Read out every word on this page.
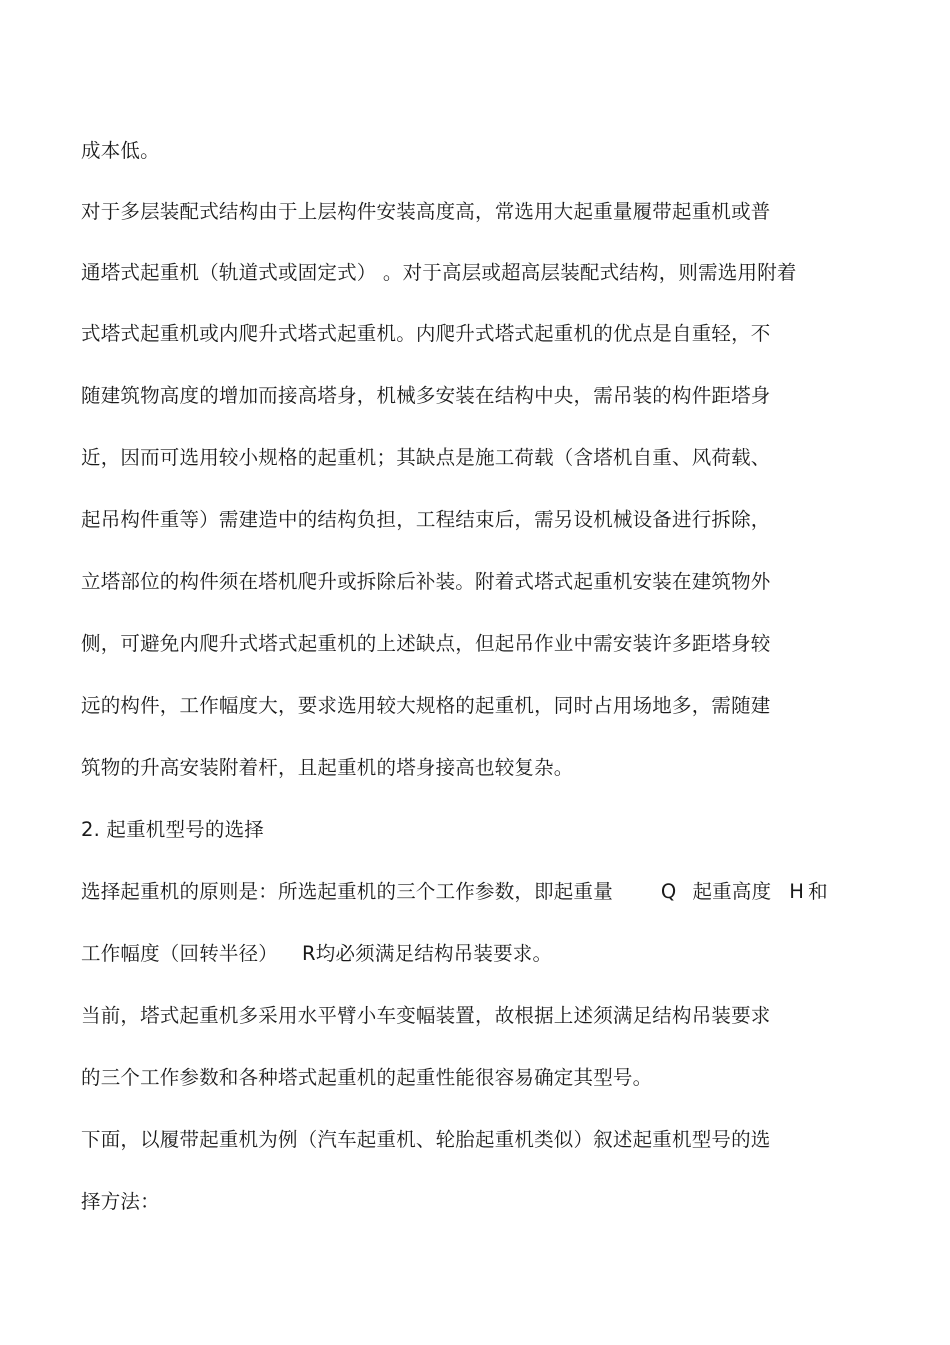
成本低。
对于多层装配式结构由于上层构件安装高度高，常选用大起重量履带起重机或普
通塔式起重机（轨道式或固定式） 。对于高层或超高层装配式结构，则需选用附着
式塔式起重机或内爬升式塔式起重机。内爬升式塔式起重机的优点是自重轻，不
随建筑物高度的增加而接高塔身，机械多安装在结构中央，需吊装的构件距塔身
近，因而可选用较小规格的起重机；其缺点是施工荷载（含塔机自重、风荷载、
起吊构件重等）需建造中的结构负担，工程结束后，需另设机械设备进行拆除，
立塔部位的构件须在塔机爬升或拆除后补装。附着式塔式起重机安装在建筑物外
侧，可避免内爬升式塔式起重机的上述缺点，但起吊作业中需安装许多距塔身较
远的构件，工作幅度大，要求选用较大规格的起重机，同时占用场地多，需随建
筑物的升高安装附着杆，且起重机的塔身接高也较复杂。
2. 起重机型号的选择
选择起重机的原则是：所选起重机的三个工作参数，即起重量 Q 起重高度 H 和
工作幅度（回转半径） R均必须满足结构吊装要求。
当前，塔式起重机多采用水平臂小车变幅装置，故根据上述须满足结构吊装要求
的三个工作参数和各种塔式起重机的起重性能很容易确定其型号。
下面，以履带起重机为例（汽车起重机、轮胎起重机类似）叙述起重机型号的选
择方法：
